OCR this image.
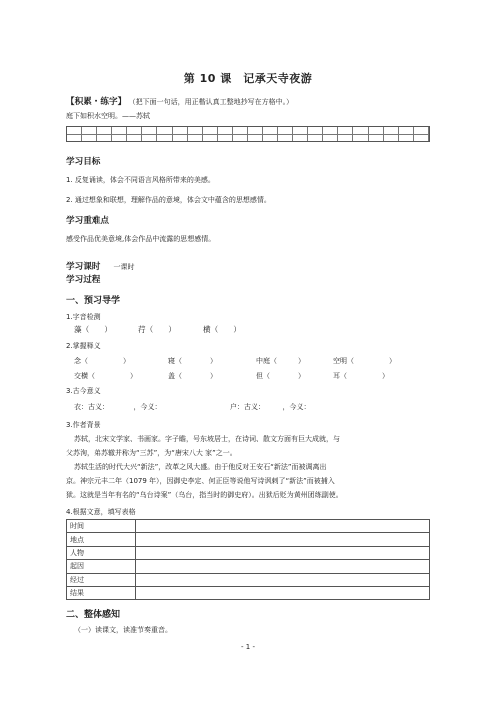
第 10 课　记承天寺夜游
【积累・练字】 （把下面一句话，用正楷认真工整地抄写在方格中。）
庭下如积水空明。——苏轼
学习目标
1. 反复诵读，体会不同语言风格所带来的美感。
2. 通过想象和联想，理解作品的意境，体会文中蕴含的思想感情。
学习重难点
感受作品优美意境,体会作品中流露的思想感情。
学习课时 一课时
学习过程
一、预习导学
1.字音检测
藻（　　）	荇（　　）	横（　　）
2.掌握释义
念（　　　　　）	寝（　　　　）	中庭（　　　）	空明（　　　　　）
交横（　　　　　）	盖（　　　　）	但（　　　　）	耳（　　　　　）
3.古今意义
衣：古义：　　　　，今义：	户：古义：　　　，今义：
3.作者背景
苏轼，北宋文学家、书画家。字子瞻，号东坡居士，在诗词、散文方面有巨大成就，与
父苏洵，弟苏辙并称为“三苏”，为“唐宋八大 家”之一。
苏轼生活的时代大兴“新法”，改革之风大盛。由于他反对王安石“新法”而被调离出
京。神宗元丰二年（1079 年），因御史李定、何正臣等说他写诗讽刺了“新法”而被捕入
狱。这就是当年有名的“乌台诗案”（乌台，指当时的御史府）。出狱后贬为黄州团练副使。
4.根据文意，填写表格
时间	
地点	
人物	
起因	
经过	
结果	
二、整体感知
（一）读课文，读准节奏重音。
- 1 -
